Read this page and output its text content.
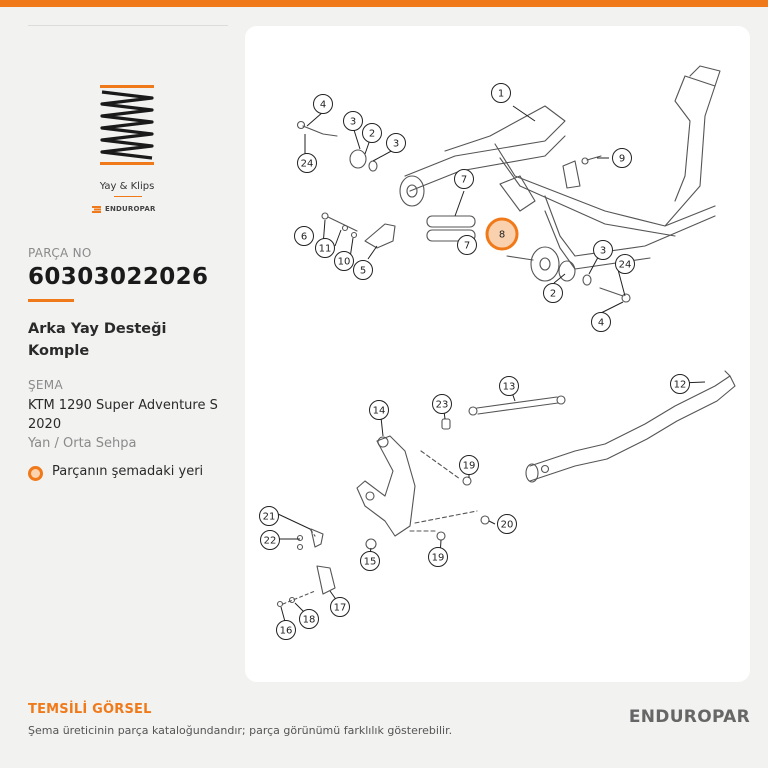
Yay & Klips
ENDUROPAR
PARÇA NO
60303022026
Arka Yay Desteği Komple
ŞEMA
KTM 1290 Super Adventure S 2020
Yan / Orta Sehpa
Parçanın şemadaki yeri
1
2
3
3
4
24	9
7
7
8
6
11
10
5
3
24
2
4
13	12
14
23
19
21
22
20
15	19
17
18
16
TEMSİLİ GÖRSEL
Şema üreticinin parça kataloğundandır; parça görünümü farklılık gösterebilir.
ENDUROPAR
